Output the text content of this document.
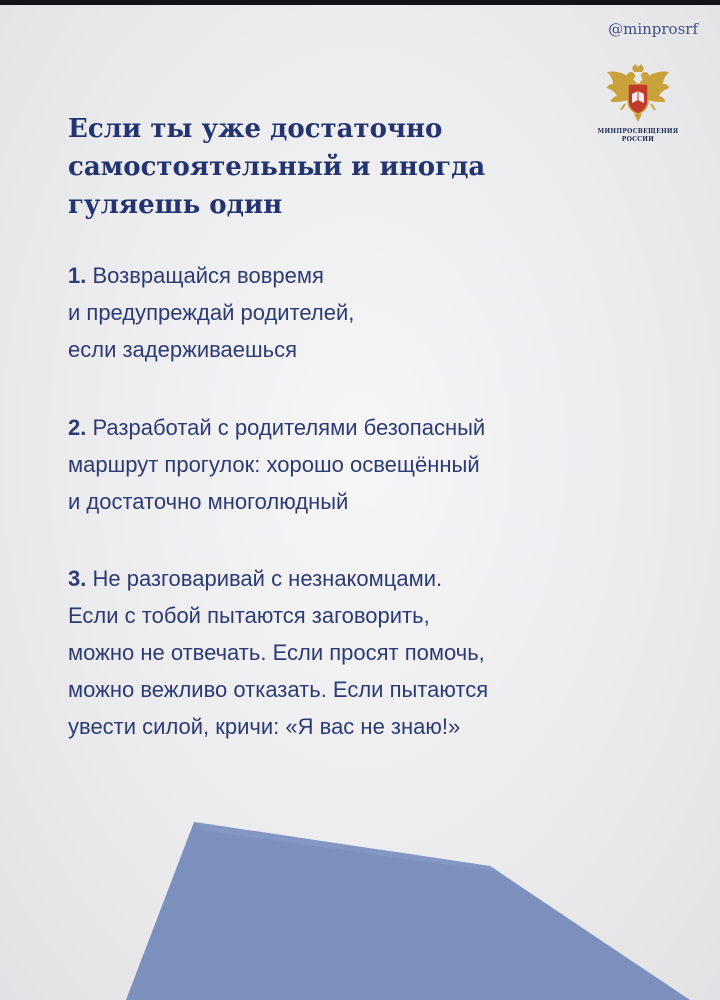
@minprosrf
МИНПРОСВЕЩЕНИЯ
РОССИИ
Если ты уже достаточно
самостоятельный и иногда
гуляешь один

1. Возвращайся вовремя
и предупреждай родителей,
если задерживаешься

2. Разработай с родителями безопасный
маршрут прогулок: хорошо освещённый
и достаточно многолюдный

3. Не разговаривай с незнакомцами.
Если с тобой пытаются заговорить,
можно не отвечать. Если просят помочь,
можно вежливо отказать. Если пытаются
увести силой, кричи: «Я вас не знаю!»
